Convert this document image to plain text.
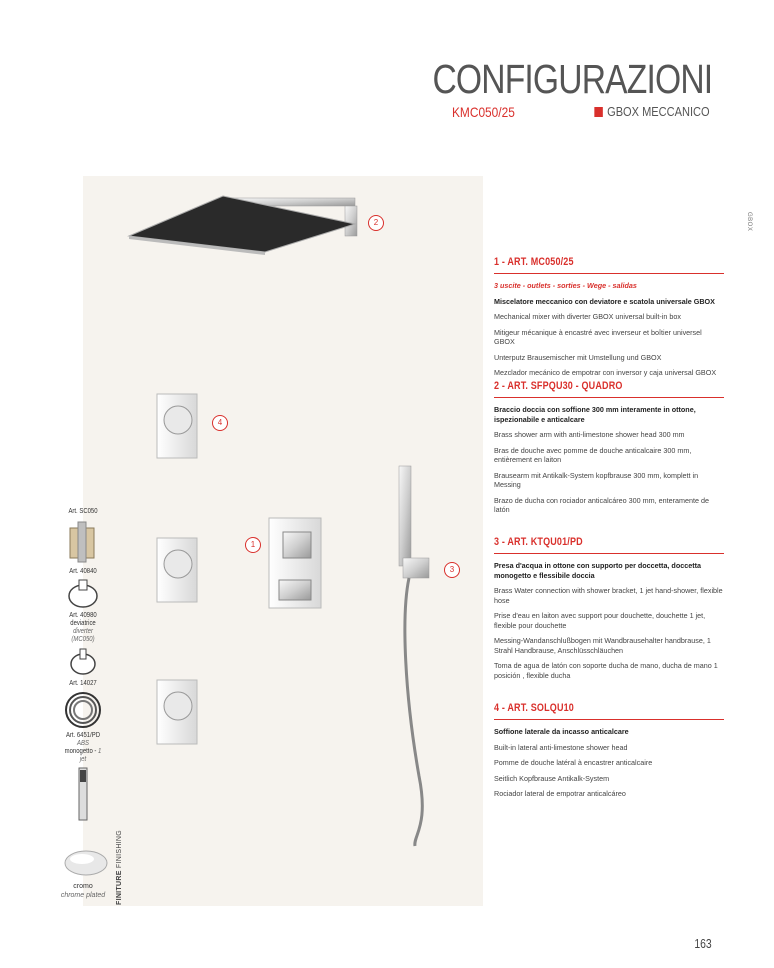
CONFIGURAZIONI
KMC050/25	GBOX MECCANICO
GBOX
2
4
1
3
Art. SC050
Art. 40840
Art. 40980
deviatrice
diverter
(MC050)
Art. 14027
Art. 6451/PD
ABS
monogetto - 1 jet
cromo
chrome plated	FINITURE FINISHING
1 - ART. MC050/25

3 uscite - outlets - sorties - Wege - salidas

Miscelatore meccanico con deviatore e scatola universale GBOX

Mechanical mixer with diverter GBOX universal built-in box

Mitigeur mécanique à encastré avec inverseur et boîtier universel GBOX

Unterputz Brausemischer mit Umstellung und GBOX

Mezclador mecánico de empotrar con inversor y caja universal GBOX

2 - ART. SFPQU30 - QUADRO

Braccio doccia con soffione 300 mm interamente in ottone, ispezionabile e anticalcare

Brass shower arm with anti-limestone shower head 300 mm

Bras de douche avec pomme de douche anticalcaire 300 mm, entièrement en laiton

Brausearm mit Antikalk-System kopfbrause 300 mm, komplett in Messing

Brazo de ducha con rociador anticalcáreo 300 mm, enteramente de latón

3 - ART. KTQU01/PD

Presa d'acqua in ottone con supporto per doccetta, doccetta monogetto e flessibile doccia

Brass Water connection with shower bracket, 1 jet hand-shower, flexible hose

Prise d'eau en laiton avec support pour douchette, douchette 1 jet, flexible pour douchette

Messing-Wandanschlußbogen mit Wandbrausehalter handbrause, 1 Strahl Handbrause, Anschlüsschläuchen

Toma de agua de latón con soporte ducha de mano, ducha de mano 1 posición , flexible ducha

4 - ART. SOLQU10

Soffione laterale da incasso anticalcare

Built-in lateral anti-limestone shower head

Pomme de douche latéral à encastrer anticalcaire

Seitlich Kopfbrause Antikalk-System

Rociador lateral de empotrar anticalcáreo

163
